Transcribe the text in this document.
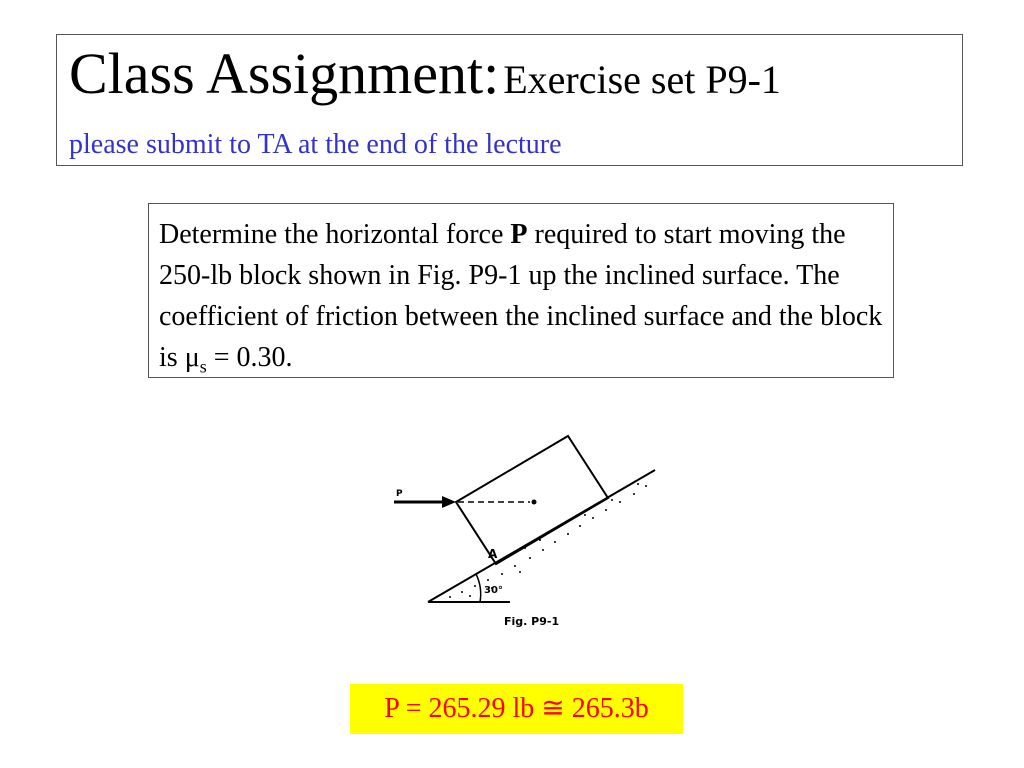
Class Assignment: Exercise set P9-1
please submit to TA at the end of the lecture
Determine the horizontal force P required to start moving the 250-lb block shown in Fig. P9-1 up the inclined surface. The coefficient of friction between the inclined surface and the block is $\mu_s = 0.30$.
P
A
30°
Fig. P9-1
P = 265.29 lb ≅ 265.3b
